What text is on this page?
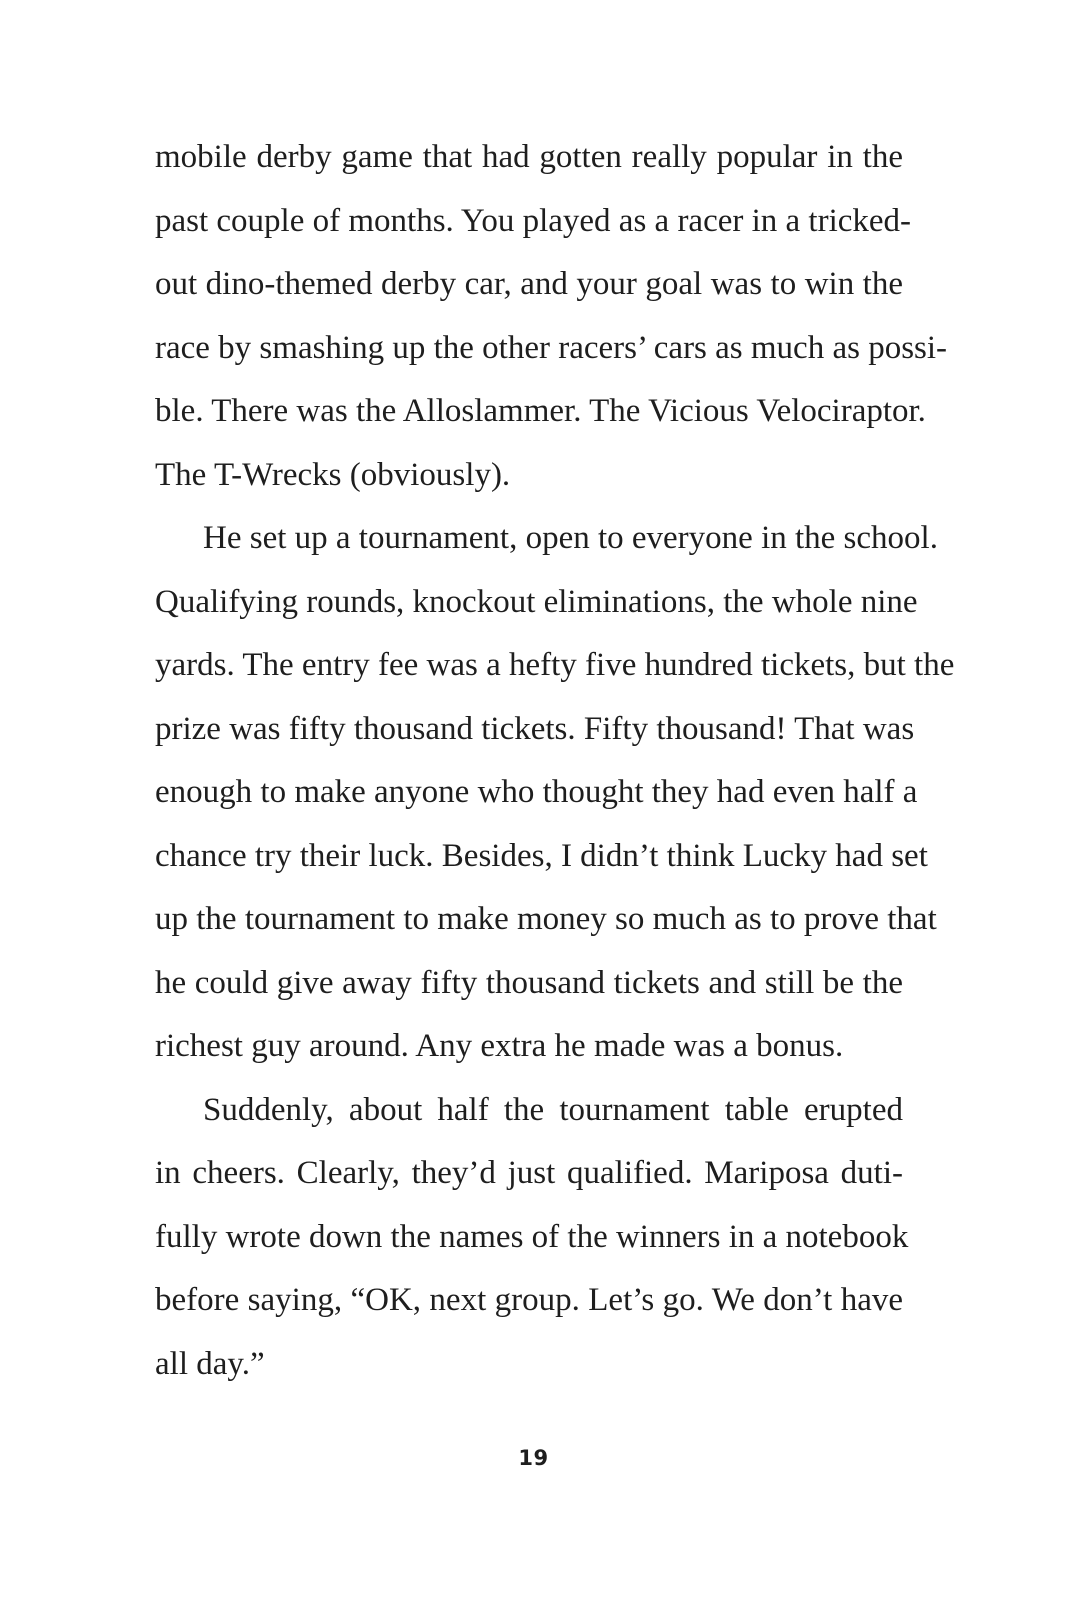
mobile derby game that had gotten really popular in the
past couple of months. You played as a racer in a tricked-
out dino-themed derby car, and your goal was to win the
race by smashing up the other racers’ cars as much as possi-
ble. There was the Alloslammer. The Vicious Velociraptor.
The T-Wrecks (obviously).
He set up a tournament, open to everyone in the school.
Qualifying rounds, knockout eliminations, the whole nine
yards. The entry fee was a hefty five hundred tickets, but the
prize was fifty thousand tickets. Fifty thousand! That was
enough to make anyone who thought they had even half a
chance try their luck. Besides, I didn’t think Lucky had set
up the tournament to make money so much as to prove that
he could give away fifty thousand tickets and still be the
richest guy around. Any extra he made was a bonus.
Suddenly, about half the tournament table erupted
in cheers. Clearly, they’d just qualified. Mariposa duti-
fully wrote down the names of the winners in a notebook
before saying, “OK, next group. Let’s go. We don’t have
all day.”
19
